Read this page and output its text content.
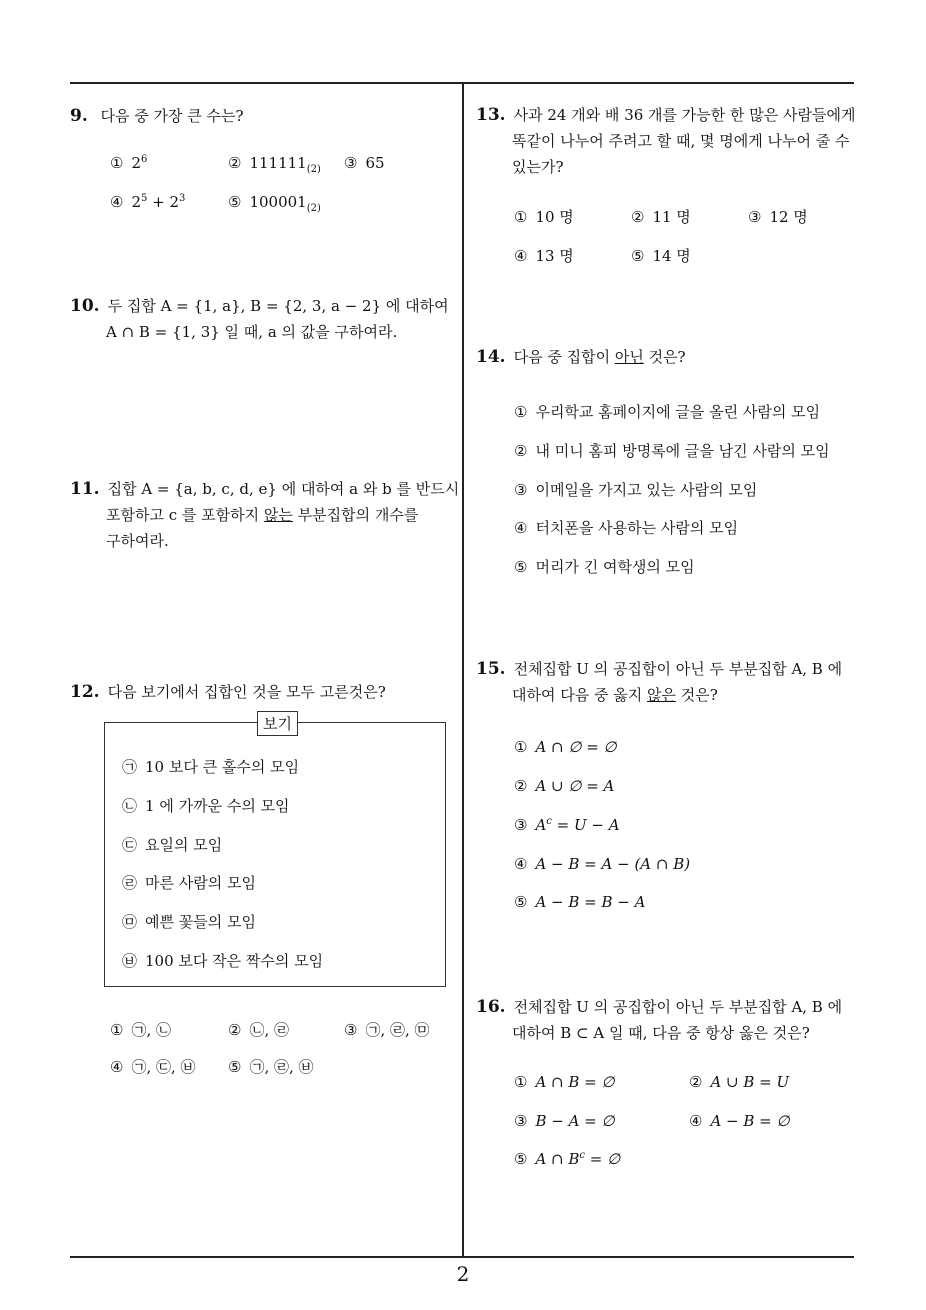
9. 다음 중 가장 큰 수는?
① $2^6$	② $111111_{(2)}$ ③ 65
④ $2^5 + 2^3$	⑤ $100001_{(2)}$
10. 두 집합 A = {1, a}, B = {2, 3, a − 2} 에 대하여
A ∩ B = {1, 3} 일 때, a 의 값을 구하여라.
11. 집합 A = {a, b, c, d, e} 에 대하여 a 와 b 를 반드시
포함하고 c 를 포함하지 않는 부분집합의 개수를
구하여라.
12. 다음 보기에서 집합인 것을 모두 고른것은?
보기
㉠ 10 보다 큰 홀수의 모임
㉡ 1 에 가까운 수의 모임
㉢ 요일의 모임
㉣ 마른 사람의 모임
㉤ 예쁜 꽃들의 모임
㉥ 100 보다 작은 짝수의 모임
① ㉠, ㉡	② ㉡, ㉣	③ ㉠, ㉣, ㉤
④ ㉠, ㉢, ㉥ ⑤ ㉠, ㉣, ㉥
13. 사과 24 개와 배 36 개를 가능한 한 많은 사람들에게
똑같이 나누어 주려고 할 때, 몇 명에게 나누어 줄 수
있는가?
① 10 명	② 11 명	③ 12 명
④ 13 명	⑤ 14 명
14. 다음 중 집합이 아닌 것은?
① 우리학교 홈페이지에 글을 올린 사람의 모임
② 내 미니 홈피 방명록에 글을 남긴 사람의 모임
③ 이메일을 가지고 있는 사람의 모임
④ 터치폰을 사용하는 사람의 모임
⑤ 머리가 긴 여학생의 모임
15. 전체집합 U 의 공집합이 아닌 두 부분집합 A, B 에
대하여 다음 중 옳지 않은 것은?
① A ∩ ∅ = ∅
② A ∪ ∅ = A
③ $A^c = U - A$
④ A − B = A − (A ∩ B)
⑤ A − B = B − A
16. 전체집합 U 의 공집합이 아닌 두 부분집합 A, B 에
대하여 B ⊂ A 일 때, 다음 중 항상 옳은 것은?
① A ∩ B = ∅	② A ∪ B = U
③ B − A = ∅	④ A − B = ∅
⑤ A ∩ $B^c$ = ∅
2
